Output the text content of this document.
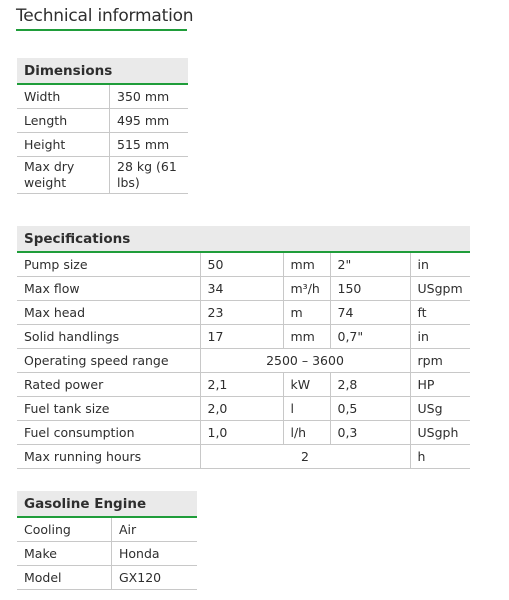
Technical information
Dimensions	
Width	350 mm
Length	495 mm
Height	515 mm
Max dry weight	28 kg (61 lbs)
Specifications				
Pump size	50	mm	2"	in
Max flow	34	m³/h	150	USgpm
Max head	23	m	74	ft
Solid handlings	17	mm	0,7"	in
Operating speed range	2500 – 3600			rpm
Rated power	2,1	kW	2,8	HP
Fuel tank size	2,0	l	0,5	USg
Fuel consumption	1,0	l/h	0,3	USgph
Max running hours	2			h
Gasoline Engine	
Cooling	Air
Make	Honda
Model	GX120
